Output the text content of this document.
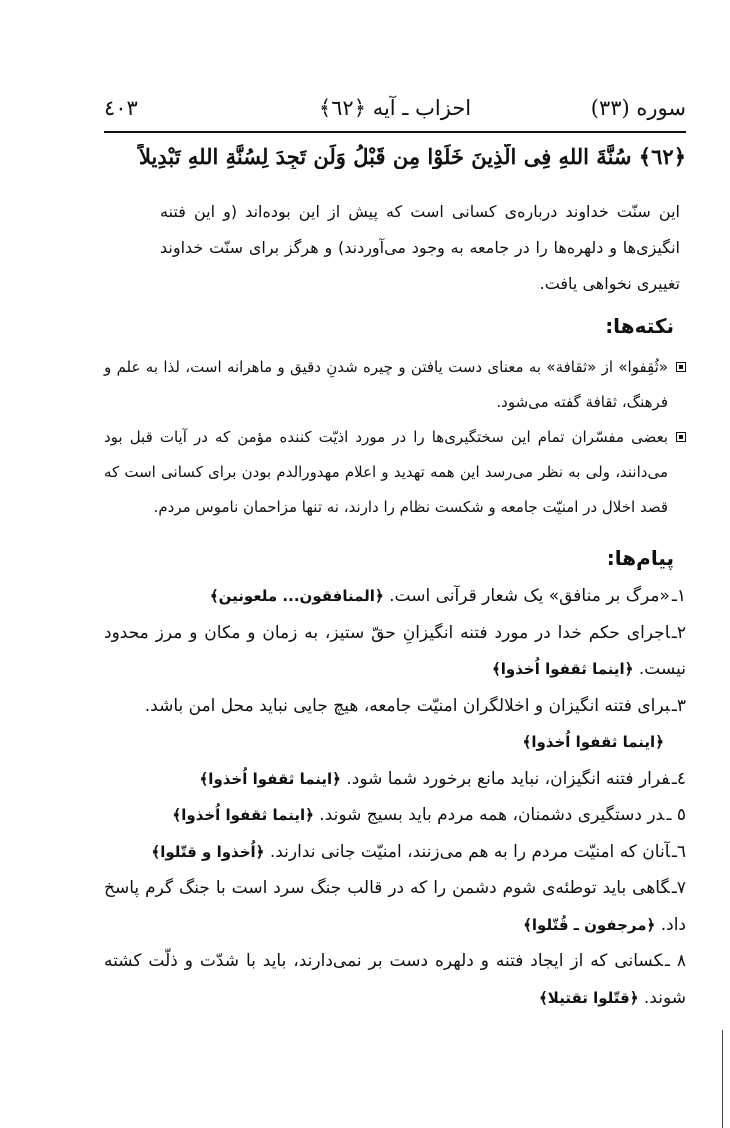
سوره (٣٣)
احزاب ـ آیه ﴿٦٢﴾
٤٠٣
﴿٦٢﴾ سُنَّةَ اللهِ فِی الَّذِینَ خَلَوْا مِن قَبْلُ وَلَن تَجِدَ لِسُنَّةِ اللهِ تَبْدِیلاً
این سنّت خداوند درباره‌ی کسانی است که پیش از این بوده‌اند (و این فتنه انگیزی‌ها و دلهره‌ها را در جامعه به وجود می‌آوردند) و هرگز برای سنّت خداوند تغییری نخواهی یافت.
نکته‌ها:
«ثُقِفوا» از «ثقافة» به معنای دست یافتن و چیره شدنِ دقیق و ماهرانه است، لذا به علم و فرهنگ، ثقافة گفته می‌شود.
بعضی مفسّران تمام این سختگیری‌ها را در مورد اذیّت کننده مؤمن که در آیات قبل بود می‌دانند، ولی به نظر می‌رسد این همه تهدید و اعلام مهدورالدم بودن برای کسانی است که قصد اخلال در امنیّت جامعه و شکست نظام را دارند، نه تنها مزاحمان ناموس مردم.
پیام‌ها:
١ـ«مرگ بر منافق» یک شعار قرآنی است. ﴿المنافقون... ملعونین﴾
٢ـاجرای حکم خدا در مورد فتنه انگیزانِ حقّ ستیز، به زمان و مکان و مرز محدود نیست. ﴿اینما ثقفوا اُخذوا﴾
٣ـبرای فتنه انگیزان و اخلالگران امنیّت جامعه، هیچ جایی نباید محل امن باشد.
﴿اینما ثقفوا اُخذوا﴾
٤ـفرار فتنه انگیزان، نباید مانع برخورد شما شود. ﴿اینما ثقفوا اُخذوا﴾
٥ ـدر دستگیری دشمنان، همه مردم باید بسیج شوند. ﴿اینما ثقفوا اُخذوا﴾
٦ـآنان که امنیّت مردم را به هم می‌زنند، امنیّت جانی ندارند. ﴿اُخذوا و قتّلوا﴾
٧ـگاهی باید توطئه‌ی شوم دشمن را که در قالب جنگ سرد است با جنگ گرم پاسخ داد. ﴿مرجفون ـ قُتّلوا﴾
٨ ـکسانی که از ایجاد فتنه و دلهره دست بر نمی‌دارند، باید با شدّت و ذلّت کشته شوند. ﴿قتّلوا تقتیلا﴾
